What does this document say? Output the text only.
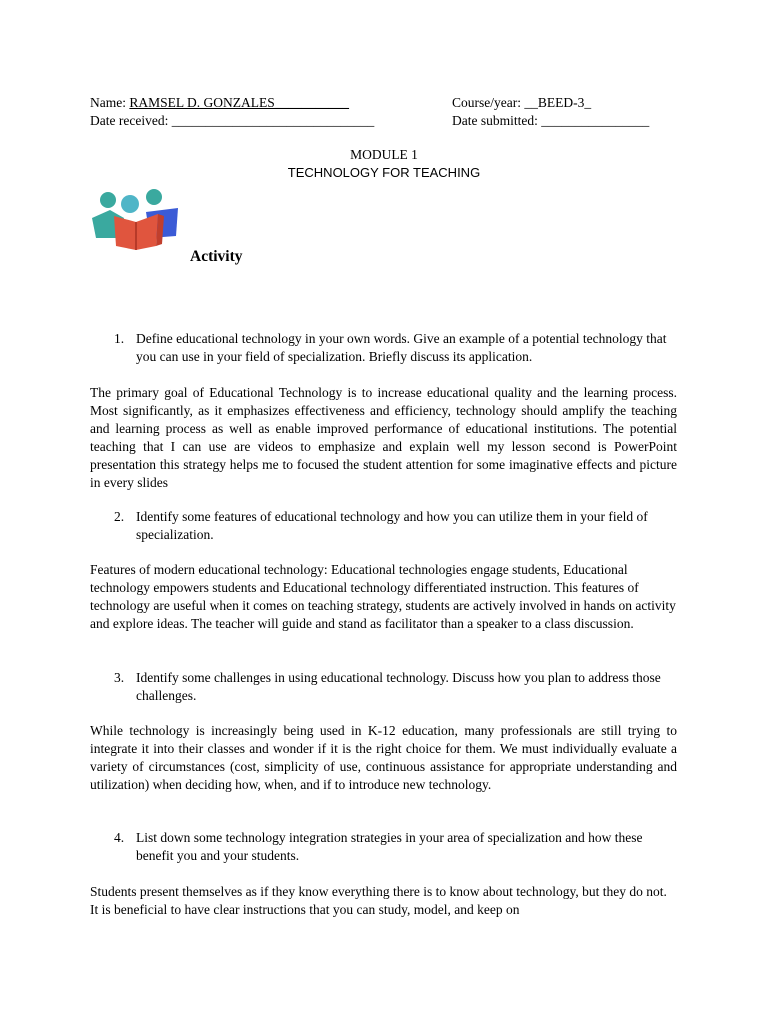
Name: RAMSEL D. GONZALES___________	Course/year: __BEED-3_
Date received: ______________________________	Date submitted: ________________
MODULE 1
TECHNOLOGY FOR TEACHING
Activity
1. Define educational technology in your own words. Give an example of a potential technology that you can use in your field of specialization. Briefly discuss its application.
The primary goal of Educational Technology is to increase educational quality and the learning process. Most significantly, as it emphasizes effectiveness and efficiency, technology should amplify the teaching and learning process as well as enable improved performance of educational institutions. The potential teaching that I can use are videos to emphasize and explain well my lesson second is PowerPoint presentation this strategy helps me to focused the student attention for some imaginative effects and picture in every slides
2. Identify some features of educational technology and how you can utilize them in your field of specialization.
Features of modern educational technology: Educational technologies engage students, Educational technology empowers students and Educational technology differentiated instruction. This features of technology are useful when it comes on teaching strategy, students are actively involved in hands on activity and explore ideas. The teacher will guide and stand as facilitator than a speaker to a class discussion.
3. Identify some challenges in using educational technology. Discuss how you plan to address those challenges.
While technology is increasingly being used in K-12 education, many professionals are still trying to integrate it into their classes and wonder if it is the right choice for them. We must individually evaluate a variety of circumstances (cost, simplicity of use, continuous assistance for appropriate understanding and utilization) when deciding how, when, and if to introduce new technology.
4. List down some technology integration strategies in your area of specialization and how these benefit you and your students.
Students present themselves as if they know everything there is to know about technology, but they do not. It is beneficial to have clear instructions that you can study, model, and keep on
